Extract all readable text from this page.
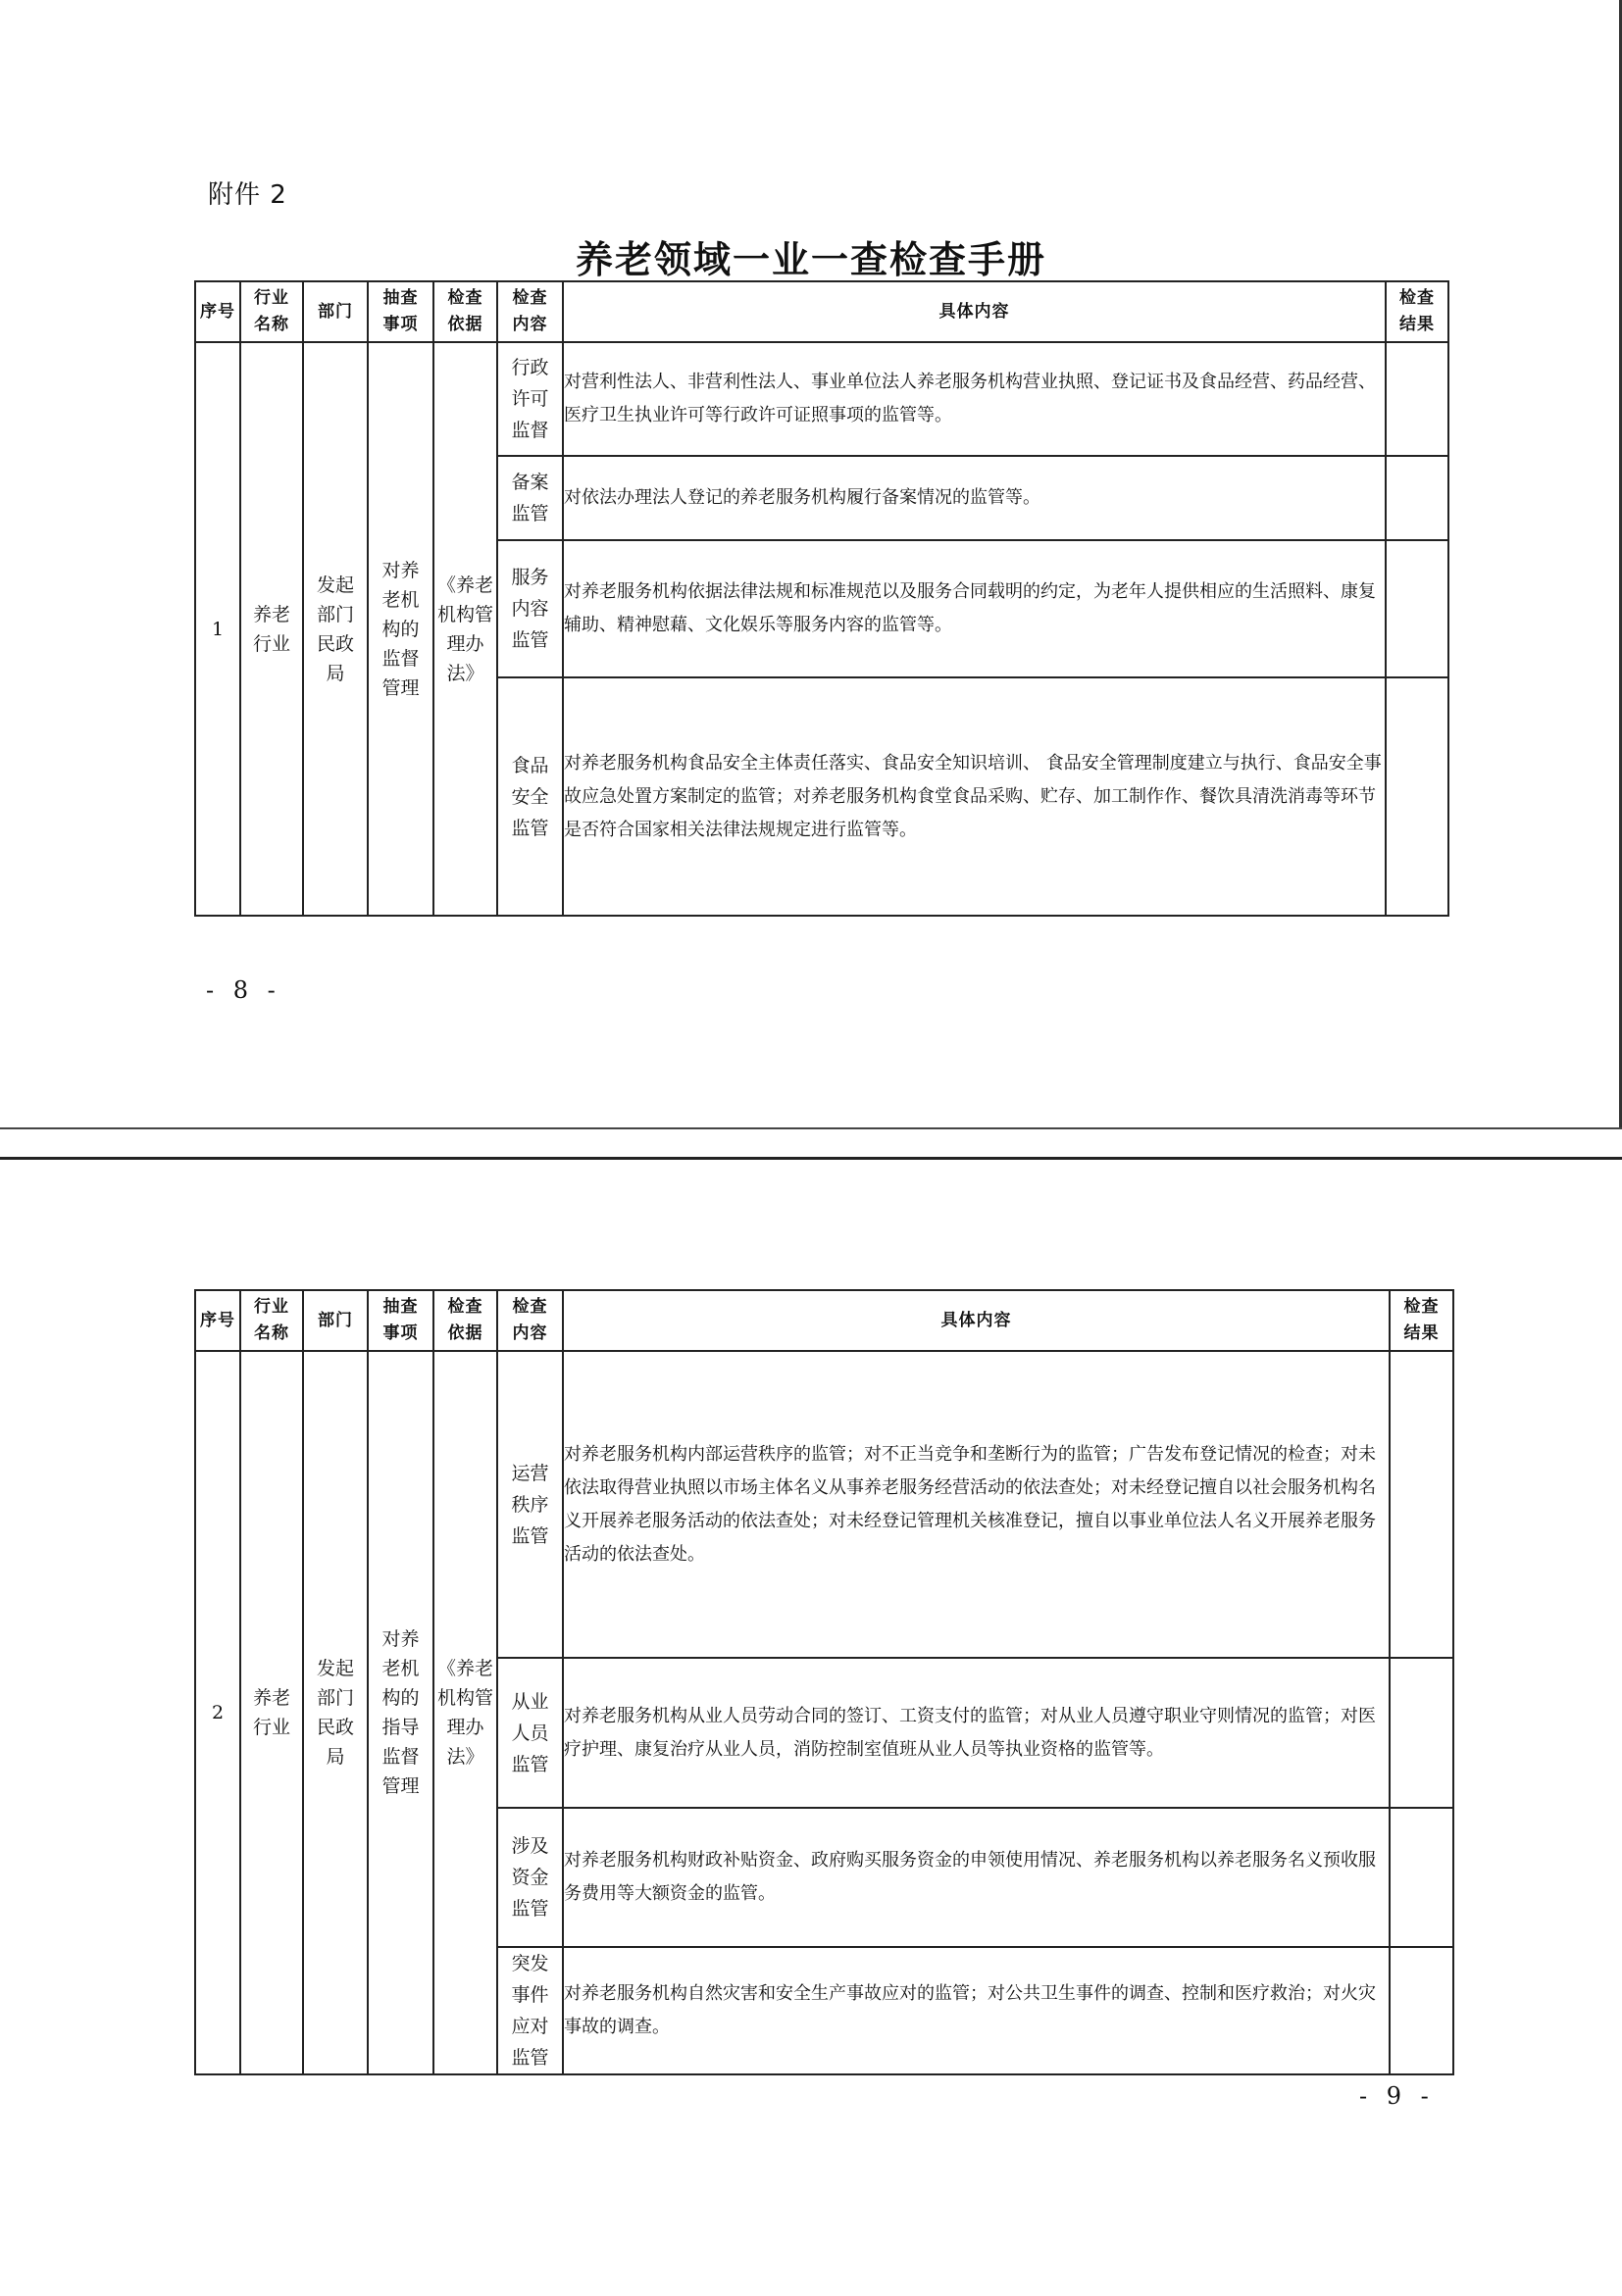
附件 2
养老领域一业一查检查手册
序号	行业名称	部门	抽查事项	检查依据	检查内容	具体内容	检查结果

1	养老行业	发起部门民政局	对养老机构的监督管理	《养老机构管理办法》	行政许可监督	对营利性法人、非营利性法人、事业单位法人养老服务机构营业执照、登记证书及食品经营、药品经营、医疗卫生执业许可等行政许可证照事项的监管等。	

					备案监管	对依法办理法人登记的养老服务机构履行备案情况的监管等。	

					服务内容监管	对养老服务机构依据法律法规和标准规范以及服务合同载明的约定，为老年人提供相应的生活照料、康复辅助、精神慰藉、文化娱乐等服务内容的监管等。	

					食品安全监管	对养老服务机构食品安全主体责任落实、食品安全知识培训、 食品安全管理制度建立与执行、食品安全事故应急处置方案制定的监管；对养老服务机构食堂食品采购、贮存、加工制作作、餐饮具清洗消毒等环节是否符合国家相关法律法规规定进行监管等。	
- 8 -
序号	行业名称	部门	抽查事项	检查依据	检查内容	具体内容	检查结果

2	养老行业	发起部门民政局	对养老机构的指导监督管理	《养老机构管理办法》	运营秩序监管	对养老服务机构内部运营秩序的监管；对不正当竞争和垄断行为的监管；广告发布登记情况的检查；对未依法取得营业执照以市场主体名义从事养老服务经营活动的依法查处；对未经登记擅自以社会服务机构名义开展养老服务活动的依法查处；对未经登记管理机关核准登记，擅自以事业单位法人名义开展养老服务活动的依法查处。	

					从业人员监管	对养老服务机构从业人员劳动合同的签订、工资支付的监管；对从业人员遵守职业守则情况的监管；对医疗护理、康复治疗从业人员，消防控制室值班从业人员等执业资格的监管等。	

					涉及资金监管	对养老服务机构财政补贴资金、政府购买服务资金的申领使用情况、养老服务机构以养老服务名义预收服务费用等大额资金的监管。	

					突发事件应对监管	对养老服务机构自然灾害和安全生产事故应对的监管；对公共卫生事件的调查、控制和医疗救治；对火灾事故的调查。	
- 9 -
